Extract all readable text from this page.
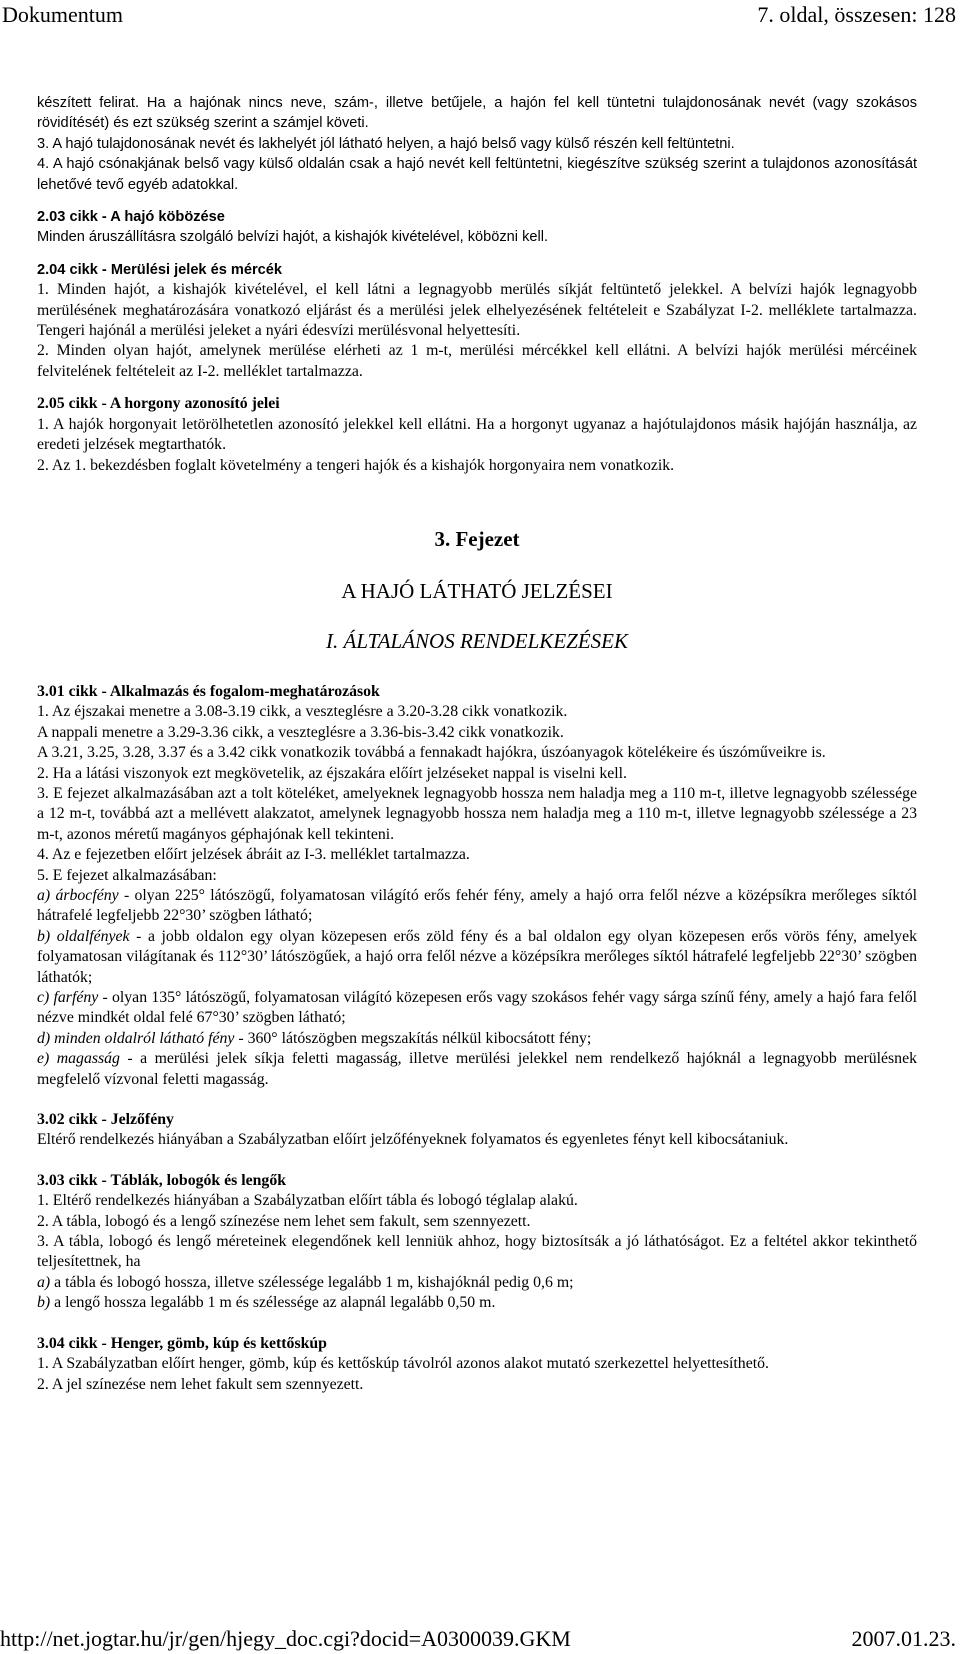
Dokumentum	7. oldal, összesen: 128

készített felirat. Ha a hajónak nincs neve, szám-, illetve betűjele, a hajón fel kell tüntetni tulajdonosának nevét (vagy szokásos rövidítését) és ezt szükség szerint a számjel követi.

3. A hajó tulajdonosának nevét és lakhelyét jól látható helyen, a hajó belső vagy külső részén kell feltüntetni.

4. A hajó csónakjának belső vagy külső oldalán csak a hajó nevét kell feltüntetni, kiegészítve szükség szerint a tulajdonos azonosítását lehetővé tevő egyéb adatokkal.

2.03 cikk - A hajó köbözése

Minden áruszállításra szolgáló belvízi hajót, a kishajók kivételével, köbözni kell.

2.04 cikk - Merülési jelek és mércék

1. Minden hajót, a kishajók kivételével, el kell látni a legnagyobb merülés síkját feltüntető jelekkel. A belvízi hajók legnagyobb merülésének meghatározására vonatkozó eljárást és a merülési jelek elhelyezésének feltételeit e Szabályzat I-2. melléklete tartalmazza. Tengeri hajónál a merülési jeleket a nyári édesvízi merülésvonal helyettesíti.

2. Minden olyan hajót, amelynek merülése elérheti az 1 m-t, merülési mércékkel kell ellátni. A belvízi hajók merülési mércéinek felvitelének feltételeit az I-2. melléklet tartalmazza.

2.05 cikk - A horgony azonosító jelei

1. A hajók horgonyait letörölhetetlen azonosító jelekkel kell ellátni. Ha a horgonyt ugyanaz a hajótulajdonos másik hajóján használja, az eredeti jelzések megtarthatók.

2. Az 1. bekezdésben foglalt követelmény a tengeri hajók és a kishajók horgonyaira nem vonatkozik.

3. Fejezet

A HAJÓ LÁTHATÓ JELZÉSEI

I. ÁLTALÁNOS RENDELKEZÉSEK

3.01 cikk - Alkalmazás és fogalom-meghatározások

1. Az éjszakai menetre a 3.08-3.19 cikk, a veszteglésre a 3.20-3.28 cikk vonatkozik.

A nappali menetre a 3.29-3.36 cikk, a veszteglésre a 3.36-bis-3.42 cikk vonatkozik.

A 3.21, 3.25, 3.28, 3.37 és a 3.42 cikk vonatkozik továbbá a fennakadt hajókra, úszóanyagok kötelékeire és úszóműveikre is.

2. Ha a látási viszonyok ezt megkövetelik, az éjszakára előírt jelzéseket nappal is viselni kell.

3. E fejezet alkalmazásában azt a tolt köteléket, amelyeknek legnagyobb hossza nem haladja meg a 110 m-t, illetve legnagyobb szélessége a 12 m-t, továbbá azt a mellévett alakzatot, amelynek legnagyobb hossza nem haladja meg a 110 m-t, illetve legnagyobb szélessége a 23 m-t, azonos méretű magányos géphajónak kell tekinteni.

4. Az e fejezetben előírt jelzések ábráit az I-3. melléklet tartalmazza.

5. E fejezet alkalmazásában:

a) árbocfény - olyan 225° látószögű, folyamatosan világító erős fehér fény, amely a hajó orra felől nézve a középsíkra merőleges síktól hátrafelé legfeljebb 22°30’ szögben látható;

b) oldalfények - a jobb oldalon egy olyan közepesen erős zöld fény és a bal oldalon egy olyan közepesen erős vörös fény, amelyek folyamatosan világítanak és 112°30’ látószögűek, a hajó orra felől nézve a középsíkra merőleges síktól hátrafelé legfeljebb 22°30’ szögben láthatók;

c) farfény - olyan 135° látószögű, folyamatosan világító közepesen erős vagy szokásos fehér vagy sárga színű fény, amely a hajó fara felől nézve mindkét oldal felé 67°30’ szögben látható;

d) minden oldalról látható fény - 360° látószögben megszakítás nélkül kibocsátott fény;

e) magasság - a merülési jelek síkja feletti magasság, illetve merülési jelekkel nem rendelkező hajóknál a legnagyobb merülésnek megfelelő vízvonal feletti magasság.

3.02 cikk - Jelzőfény

Eltérő rendelkezés hiányában a Szabályzatban előírt jelzőfényeknek folyamatos és egyenletes fényt kell kibocsátaniuk.

3.03 cikk - Táblák, lobogók és lengők

1. Eltérő rendelkezés hiányában a Szabályzatban előírt tábla és lobogó téglalap alakú.

2. A tábla, lobogó és a lengő színezése nem lehet sem fakult, sem szennyezett.

3. A tábla, lobogó és lengő méreteinek elegendőnek kell lenniük ahhoz, hogy biztosítsák a jó láthatóságot. Ez a feltétel akkor tekinthető teljesítettnek, ha

a) a tábla és lobogó hossza, illetve szélessége legalább 1 m, kishajóknál pedig 0,6 m;

b) a lengő hossza legalább 1 m és szélessége az alapnál legalább 0,50 m.

3.04 cikk - Henger, gömb, kúp és kettőskúp

1. A Szabályzatban előírt henger, gömb, kúp és kettőskúp távolról azonos alakot mutató szerkezettel helyettesíthető.

2. A jel színezése nem lehet fakult sem szennyezett.

http://net.jogtar.hu/jr/gen/hjegy_doc.cgi?docid=A0300039.GKM	2007.01.23.
